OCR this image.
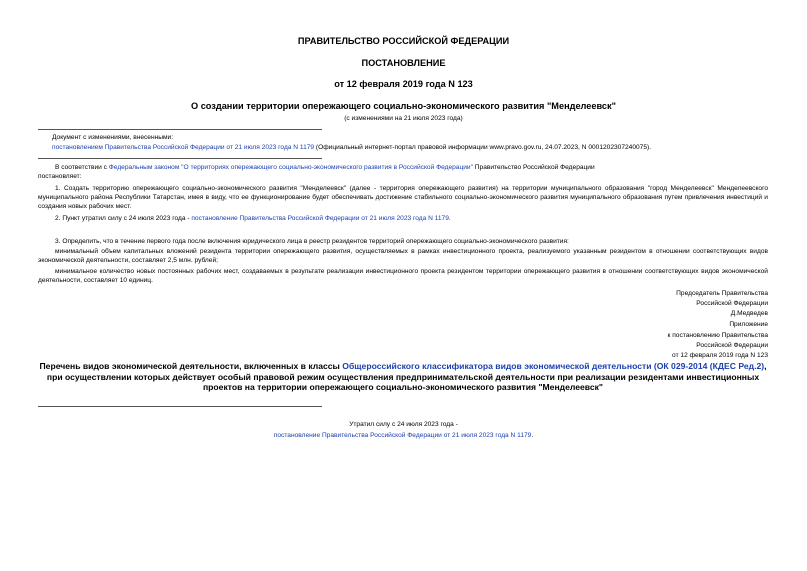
ПРАВИТЕЛЬСТВО РОССИЙСКОЙ ФЕДЕРАЦИИ
ПОСТАНОВЛЕНИЕ
от 12 февраля 2019 года N 123
О создании территории опережающего социально-экономического развития "Менделеевск"
(с изменениями на 21 июля 2023 года)
Документ с изменениями, внесенными:
постановлением Правительства Российской Федерации от 21 июля 2023 года N 1179 (Официальный интернет-портал правовой информации www.pravo.gov.ru, 24.07.2023, N 0001202307240075).
В соответствии с Федеральным законом "О территориях опережающего социально-экономического развития в Российской Федерации" Правительство Российской Федерации
постановляет:
1. Создать территорию опережающего социально-экономического развития "Менделеевск" (далее - территория опережающего развития) на территории муниципального образования "город Менделеевск" Менделеевского муниципального района Республики Татарстан, имея в виду, что ее функционирование будет обеспечивать достижение стабильного социально-экономического развития муниципального образования путем привлечения инвестиций и создания новых рабочих мест.
2. Пункт утратил силу с 24 июля 2023 года - постановление Правительства Российской Федерации от 21 июля 2023 года N 1179.
3. Определить, что в течение первого года после включения юридического лица в реестр резидентов территорий опережающего социально-экономического развития:
минимальный объем капитальных вложений резидента территории опережающего развития, осуществляемых в рамках инвестиционного проекта, реализуемого указанным резидентом в отношении соответствующих видов экономической деятельности, составляет 2,5 млн. рублей;
минимальное количество новых постоянных рабочих мест, создаваемых в результате реализации инвестиционного проекта резидентом территории опережающего развития в отношении соответствующих видов экономической деятельности, составляет 10 единиц.
Председатель Правительства
Российской Федерации
Д.Медведев
Приложение
к постановлению Правительства
Российской Федерации
от 12 февраля 2019 года N 123
Перечень видов экономической деятельности, включенных в классы Общероссийского классификатора видов экономической деятельности (ОК 029-2014 (КДЕС Ред.2), при осуществлении которых действует особый правовой режим осуществления предпринимательской деятельности при реализации резидентами инвестиционных проектов на территории опережающего социально-экономического развития "Менделеевск"
Утратил силу с 24 июля 2023 года -
постановление Правительства Российской Федерации от 21 июля 2023 года N 1179.
